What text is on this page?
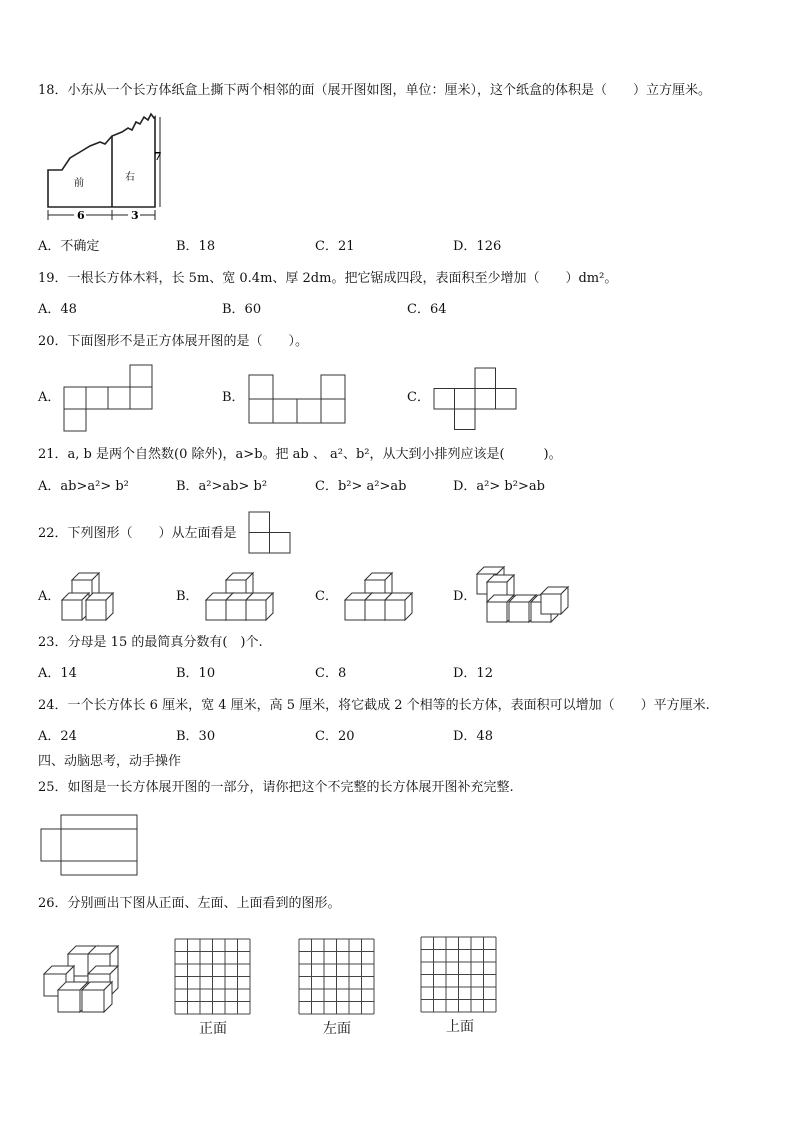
18．小东从一个长方体纸盒上撕下两个相邻的面（展开图如图，单位：厘米），这个纸盒的体积是（　　）立方厘米。
前
右
7
6	3
A．不确定	B．18	C．21	D．126
19．一根长方体木料，长 5m、宽 0.4m、厚 2dm。把它锯成四段，表面积至少增加（　　）dm²。
A．48	B．60	C．64
20．下面图形不是正方体展开图的是（　　）。
A．	B．	C．
21．a, b 是两个自然数(0 除外)，a>b。把 ab 、 a²、b²，从大到小排列应该是(　　　)。
A．ab>a²> b²	B．a²>ab> b²	C．b²> a²>ab	D．a²> b²>ab
22．下列图形（　　）从左面看是
A．	B．	C．	D．
23．分母是 15 的最简真分数有(　)个.
A．14	B．10	C．8	D．12
24．一个长方体长 6 厘米，宽 4 厘米，高 5 厘米，将它截成 2 个相等的长方体，表面积可以增加（　　）平方厘米.
A．24	B．30	C．20	D．48
四、动脑思考，动手操作
25．如图是一长方体展开图的一部分，请你把这个不完整的长方体展开图补充完整.
26．分别画出下图从正面、左面、上面看到的图形。
正面	左面	上面
